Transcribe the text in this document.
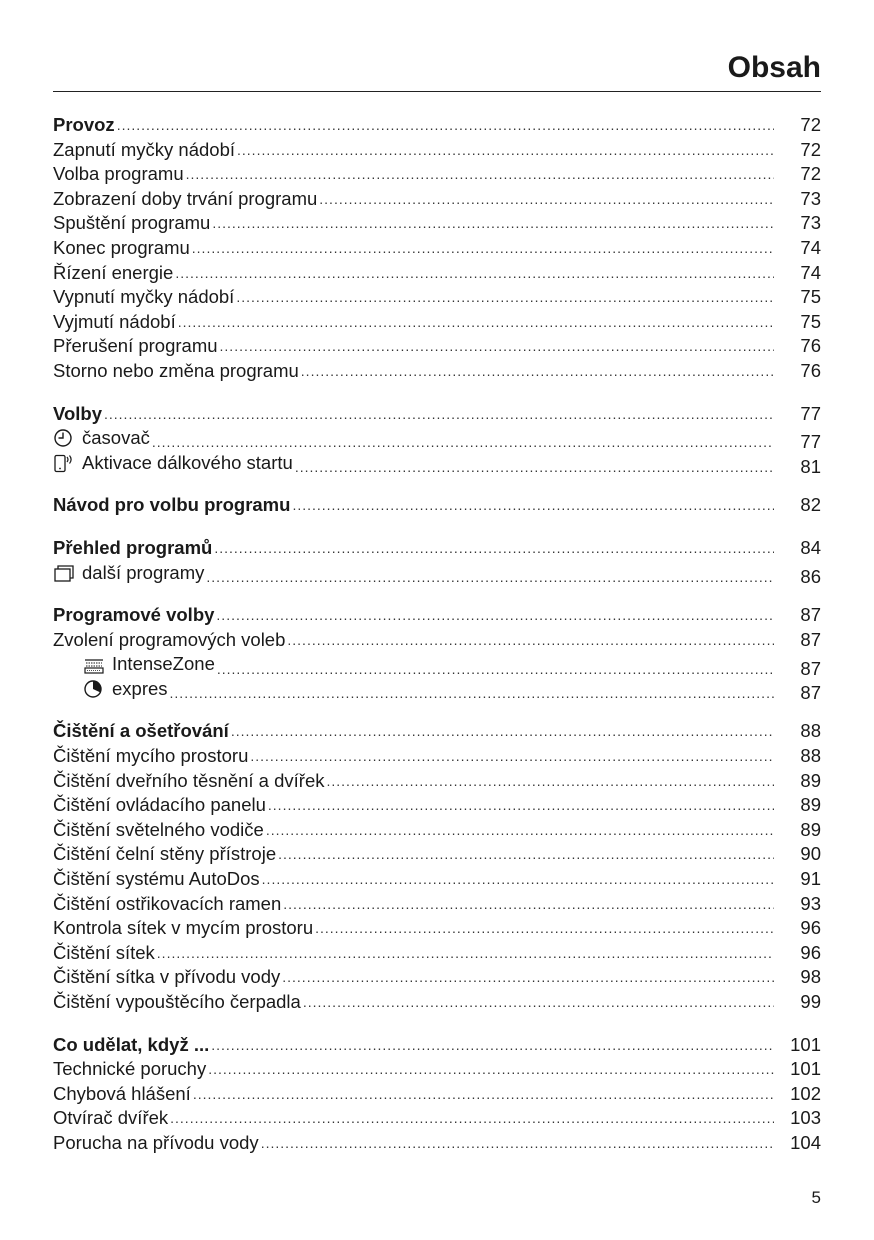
Obsah
Provoz .....	72
Zapnutí myčky nádobí .....	72
Volba programu .....	72
Zobrazení doby trvání programu .....	73
Spuštění programu .....	73
Konec programu .....	74
Řízení energie .....	74
Vypnutí myčky nádobí .....	75
Vyjmutí nádobí .....	75
Přerušení programu .....	76
Storno nebo změna programu .....	76
Volby .....	77
časovač .....	77
Aktivace dálkového startu .....	81
Návod pro volbu programu .....	82
Přehled programů .....	84
další programy .....	86
Programové volby .....	87
Zvolení programových voleb .....	87
IntenseZone .....	87
expres .....	87
Čištění a ošetřování .....	88
Čištění mycího prostoru .....	88
Čištění dveřního těsnění a dvířek .....	89
Čištění ovládacího panelu .....	89
Čištění světelného vodiče .....	89
Čištění čelní stěny přístroje .....	90
Čištění systému AutoDos .....	91
Čištění ostřikovacích ramen .....	93
Kontrola sítek v mycím prostoru .....	96
Čištění sítek .....	96
Čištění sítka v přívodu vody .....	98
Čištění vypouštěcího čerpadla .....	99
Co udělat, když ... .....	101
Technické poruchy .....	101
Chybová hlášení .....	102
Otvírač dvířek .....	103
Porucha na přívodu vody .....	104
5
